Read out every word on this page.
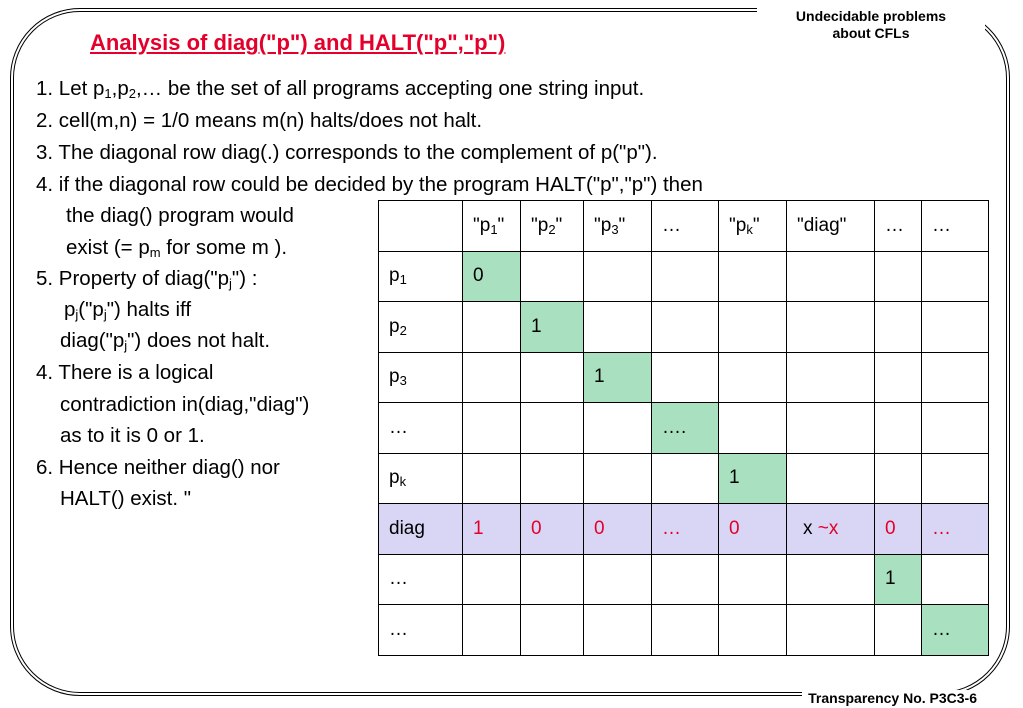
Undecidable problems
about CFLs
Analysis of diag("p") and HALT("p","p")
1. Let $p_1,p_2,\dots$ be the set of all programs accepting one string input.
2. cell(m,n) = 1/0 means m(n) halts/does not halt.
3. The diagonal row diag(.) corresponds to the complement of p("p").
4. if the diagonal row could be decided by the program HALT("p","p") then
the diag() program would
exist (= $p_m$ for some m ).
5. Property of $diag("p_j")$ :
$p_j("p_j")$ halts iff
$diag("p_j")$ does not halt.
4. There is a logical
contradiction in(diag,"diag")
as to it is 0 or 1.
6. Hence neither diag() nor
HALT() exist. "
	"$p_1$"	"$p_2$"	"$p_3$"	…	"$p_k$"	"diag"	…	…
$p_1$	0							
$p_2$		1						
$p_3$			1					
…				….				
$p_k$					1			
diag	1	0	0	…	0	x ~x	0	…
…							1	
…								…
Transparency No. P3C3-6
